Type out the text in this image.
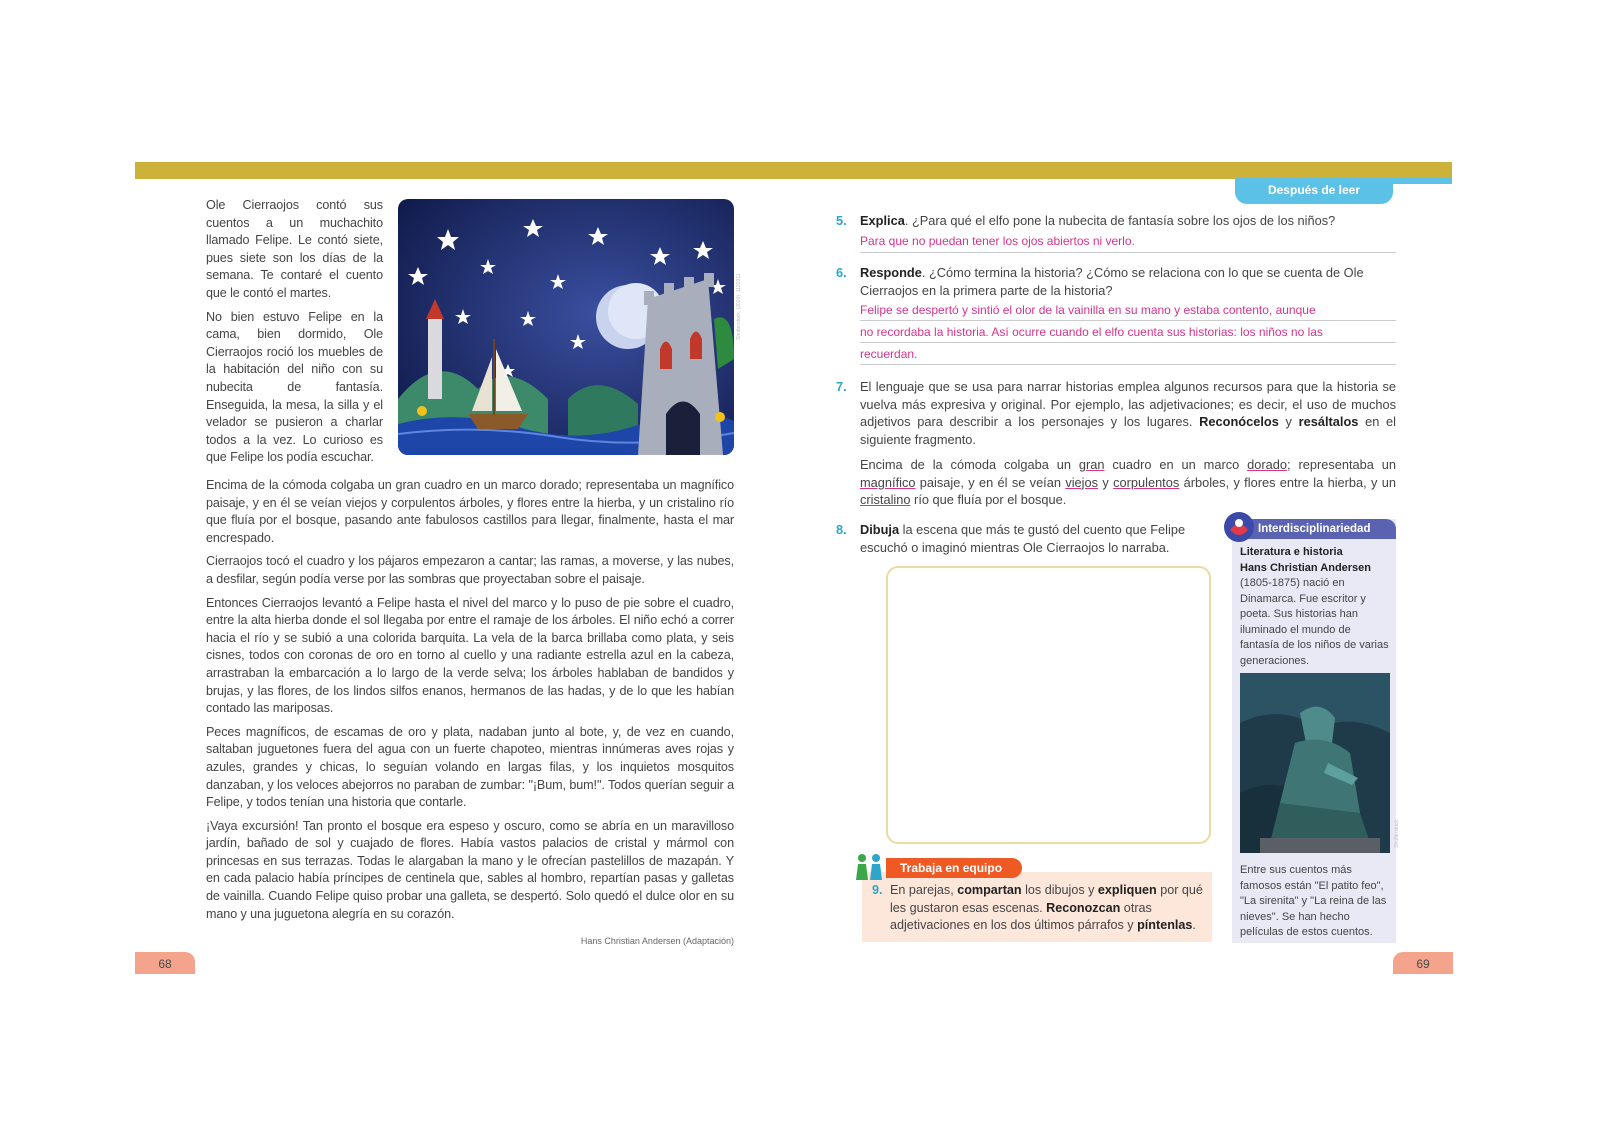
Después de leer

Ole Cierraojos contó sus cuentos a un muchachito llamado Felipe. Le contó siete, pues siete son los días de la semana. Te contaré el cuento que le contó el martes.

No bien estuvo Felipe en la cama, bien dormido, Ole Cierraojos roció los muebles de la habitación del niño con su nubecita de fantasía. Enseguida, la mesa, la silla y el velador se pusieron a charlar todos a la vez. Lo curioso es que Felipe los podía escuchar.

Shutterstock, (2020). 1120311

Encima de la cómoda colgaba un gran cuadro en un marco dorado; representaba un magnífico paisaje, y en él se veían viejos y corpulentos árboles, y flores entre la hierba, y un cristalino río que fluía por el bosque, pasando ante fabulosos castillos para llegar, finalmente, hasta el mar encrespado.

Cierraojos tocó el cuadro y los pájaros empezaron a cantar; las ramas, a moverse, y las nubes, a desfilar, según podía verse por las sombras que proyectaban sobre el paisaje.

Entonces Cierraojos levantó a Felipe hasta el nivel del marco y lo puso de pie sobre el cuadro, entre la alta hierba donde el sol llegaba por entre el ramaje de los árboles. El niño echó a correr hacia el río y se subió a una colorida barquita. La vela de la barca brillaba como plata, y seis cisnes, todos con coronas de oro en torno al cuello y una radiante estrella azul en la cabeza, arrastraban la embarcación a lo largo de la verde selva; los árboles hablaban de bandidos y brujas, y las flores, de los lindos silfos enanos, hermanos de las hadas, y de lo que les habían contado las mariposas.

Peces magníficos, de escamas de oro y plata, nadaban junto al bote, y, de vez en cuando, saltaban juguetones fuera del agua con un fuerte chapoteo, mientras innúmeras aves rojas y azules, grandes y chicas, lo seguían volando en largas filas, y los inquietos mosquitos danzaban, y los veloces abejorros no paraban de zumbar: "¡Bum, bum!". Todos querían seguir a Felipe, y todos tenían una historia que contarle.

¡Vaya excursión! Tan pronto el bosque era espeso y oscuro, como se abría en un maravilloso jardín, bañado de sol y cuajado de flores. Había vastos palacios de cristal y mármol con princesas en sus terrazas. Todas le alargaban la mano y le ofrecían pastelillos de mazapán. Y en cada palacio había príncipes de centinela que, sables al hombro, repartían pasas y galletas de vainilla. Cuando Felipe quiso probar una galleta, se despertó. Solo quedó el dulce olor en su mano y una juguetona alegría en su corazón.

Hans Christian Andersen (Adaptación)
68
5. Explica. ¿Para qué el elfo pone la nubecita de fantasía sobre los ojos de los niños?
Para que no puedan tener los ojos abiertos ni verlo.
6. Responde. ¿Cómo termina la historia? ¿Cómo se relaciona con lo que se cuenta de Ole Cierraojos en la primera parte de la historia?
Felipe se despertó y sintió el olor de la vainilla en su mano y estaba contento, aunque
no recordaba la historia. Así ocurre cuando el elfo cuenta sus historias: los niños no las
recuerdan.
7. El lenguaje que se usa para narrar historias emplea algunos recursos para que la historia se vuelva más expresiva y original. Por ejemplo, las adjetivaciones; es decir, el uso de muchos adjetivos para describir a los personajes y los lugares. Reconócelos y resáltalos en el siguiente fragmento.
Encima de la cómoda colgaba un gran cuadro en un marco dorado; representaba un magnífico paisaje, y en él se veían viejos y corpulentos árboles, y flores entre la hierba, y un cristalino río que fluía por el bosque.
8. Dibuja la escena que más te gustó del cuento que Felipe escuchó o imaginó mientras Ole Cierraojos lo narraba.
Trabaja en equipo
9. En parejas, compartan los dibujos y expliquen por qué les gustaron esas escenas. Reconozcan otras adjetivaciones en los dos últimos párrafos y píntenlas.
Interdisciplinariedad
Literatura e historia
Hans Christian Andersen
(1805-1875) nació en Dinamarca. Fue escritor y poeta. Sus historias han iluminado el mundo de fantasía de los niños de varias generaciones.
Shutterstock
Entre sus cuentos más famosos están "El patito feo", "La sirenita" y "La reina de las nieves". Se han hecho películas de estos cuentos.
69
